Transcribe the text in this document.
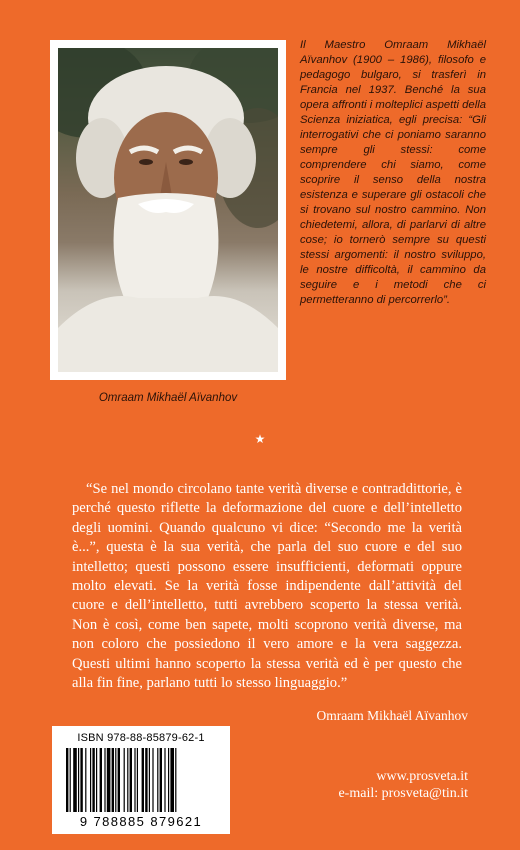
Omraam Mikhaël Aïvanhov
Il Maestro Omraam Mikhaël Aïvanhov (1900 – 1986), filosofo e pedagogo bulgaro, si trasferì in Francia nel 1937. Benché la sua opera affronti i molteplici aspetti della Scienza iniziatica, egli precisa: “Gli interrogativi che ci poniamo saranno sempre gli stessi: come comprendere chi siamo, come scoprire il senso della nostra esistenza e superare gli ostacoli che si trovano sul nostro cammino. Non chiedetemi, allora, di parlarvi di altre cose; io tornerò sempre su questi stessi argomenti: il nostro sviluppo, le nostre difficoltà, il cammino da seguire e i metodi che ci permetteranno di percorrerlo”.
★
“Se nel mondo circolano tante verità diverse e contraddittorie, è perché questo riflette la deformazione del cuore e dell’intelletto degli uomini. Quando qualcuno vi dice: “Secondo me la verità è...”, questa è la sua verità, che parla del suo cuore e del suo intelletto; questi possono essere insufficienti, deformati oppure molto elevati. Se la verità fosse indipendente dall’attività del cuore e dell’intelletto, tutti avrebbero scoperto la stessa verità. Non è così, come ben sapete, molti scoprono verità diverse, ma non coloro che possiedono il vero amore e la vera saggezza. Questi ultimi hanno scoperto la stessa verità ed è per questo che alla fin fine, parlano tutti lo stesso linguaggio.”
Omraam Mikhaël Aïvanhov
ISBN 978-88-85879-62-1
9 788885 879621
www.prosveta.it
e-mail: prosveta@tin.it
